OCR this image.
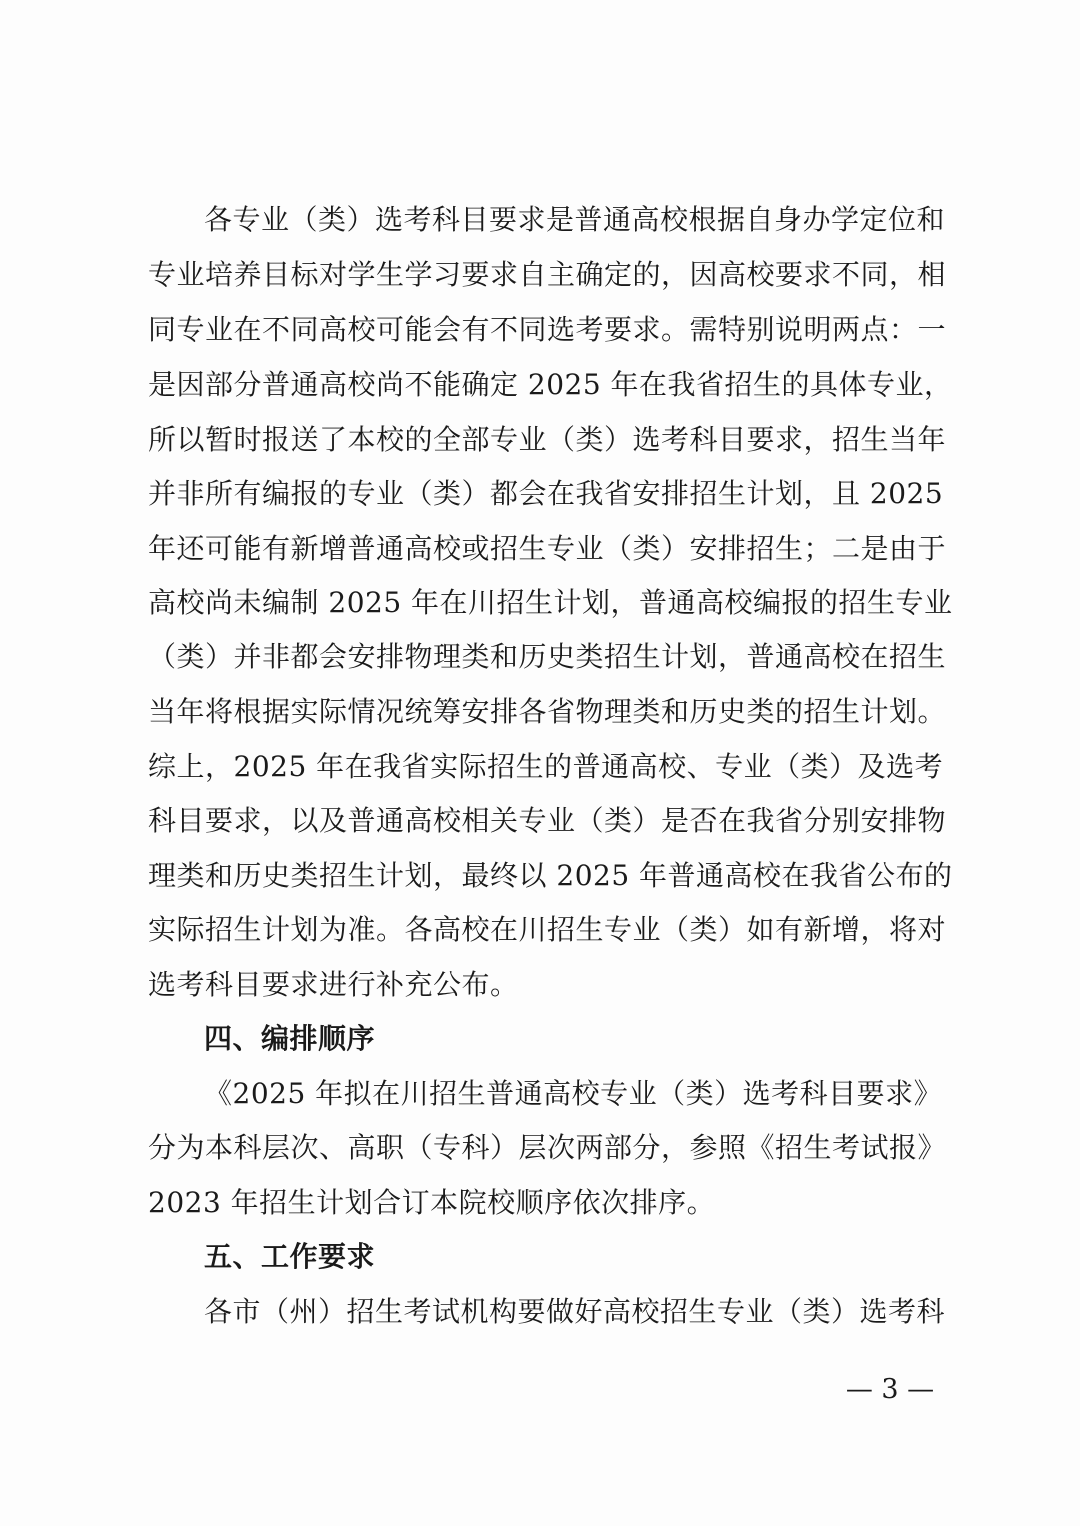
各专业（类）选考科目要求是普通高校根据自身办学定位和
专业培养目标对学生学习要求自主确定的，因高校要求不同，相
同专业在不同高校可能会有不同选考要求。需特别说明两点：一
是因部分普通高校尚不能确定 2025 年在我省招生的具体专业，
所以暂时报送了本校的全部专业（类）选考科目要求，招生当年
并非所有编报的专业（类）都会在我省安排招生计划，且 2025
年还可能有新增普通高校或招生专业（类）安排招生；二是由于
高校尚未编制 2025 年在川招生计划，普通高校编报的招生专业
（类）并非都会安排物理类和历史类招生计划，普通高校在招生
当年将根据实际情况统筹安排各省物理类和历史类的招生计划。
综上，2025 年在我省实际招生的普通高校、专业（类）及选考
科目要求，以及普通高校相关专业（类）是否在我省分别安排物
理类和历史类招生计划，最终以 2025 年普通高校在我省公布的
实际招生计划为准。各高校在川招生专业（类）如有新增，将对
选考科目要求进行补充公布。
四、编排顺序
《2025 年拟在川招生普通高校专业（类）选考科目要求》
分为本科层次、高职（专科）层次两部分，参照《招生考试报》
2023 年招生计划合订本院校顺序依次排序。
五、工作要求
各市（州）招生考试机构要做好高校招生专业（类）选考科
— 3 —
